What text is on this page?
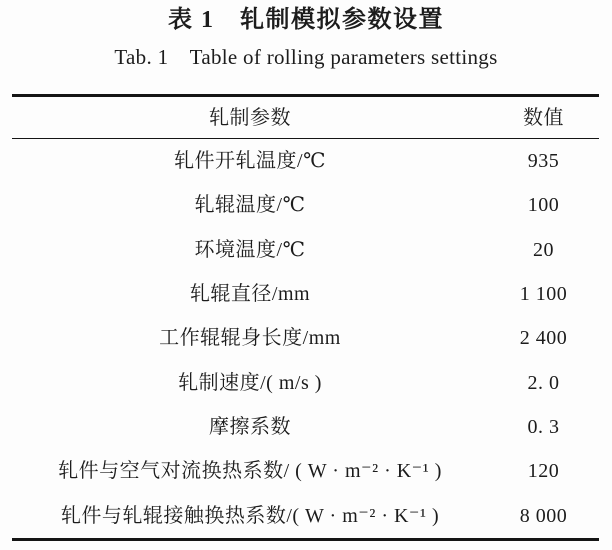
表 1　轧制模拟参数设置
Tab. 1　Table of rolling parameters settings
轧制参数	数值
轧件开轧温度/℃	935
轧辊温度/℃	100
环境温度/℃	20
轧辊直径/mm	1 100
工作辊辊身长度/mm	2 400
轧制速度/( m/s )	2. 0
摩擦系数	0. 3
轧件与空气对流换热系数/ ( W · m⁻² · K⁻¹ )	120
轧件与轧辊接触换热系数/( W · m⁻² · K⁻¹ )	8 000
